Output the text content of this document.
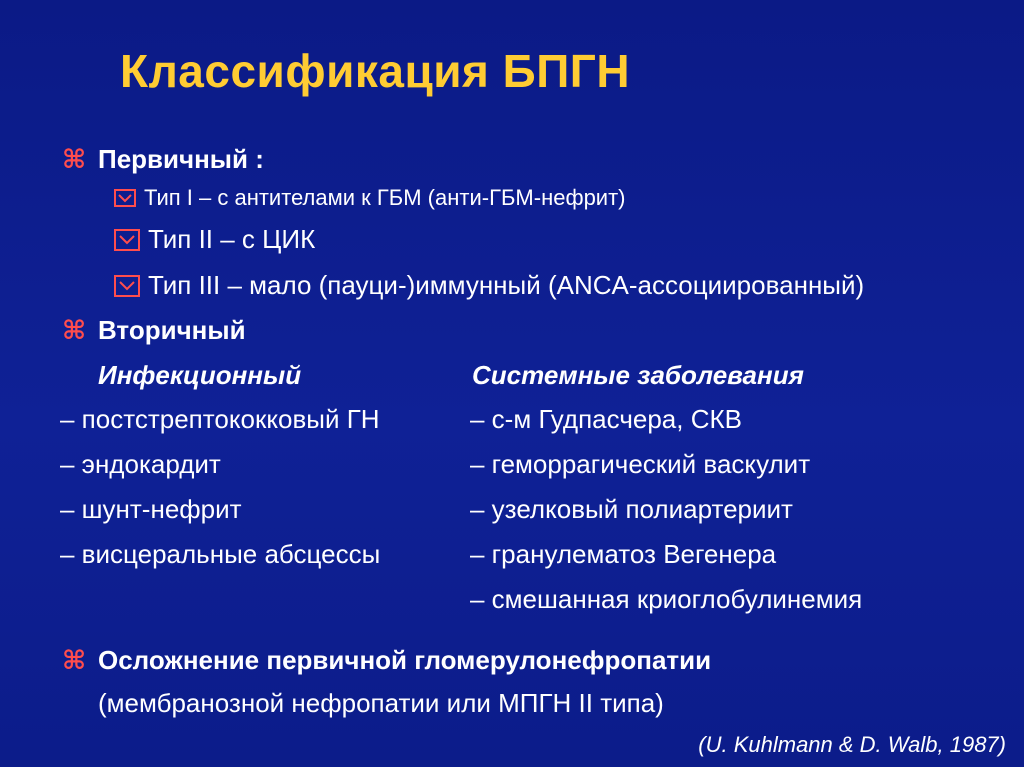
Классификация БПГН
⌘ Первичный :
Тип I – с антителами к ГБМ (анти-ГБМ-нефрит)
Тип II – с ЦИК
Тип III – мало (пауци-)иммунный (ANCA-ассоциированный)
⌘ Вторичный
Инфекционный	Системные заболевания
– постстрептококковый ГН
– эндокардит
– шунт-нефрит
– висцеральные абсцессы
– с-м Гудпасчера, СКВ
– геморрагический васкулит
– узелковый полиартериит
– гранулематоз Вегенера
– смешанная криоглобулинемия
⌘ Осложнение первичной гломерулонефропатии
(мембранозной нефропатии или МПГН II типа)
(U. Kuhlmann & D. Walb, 1987)
